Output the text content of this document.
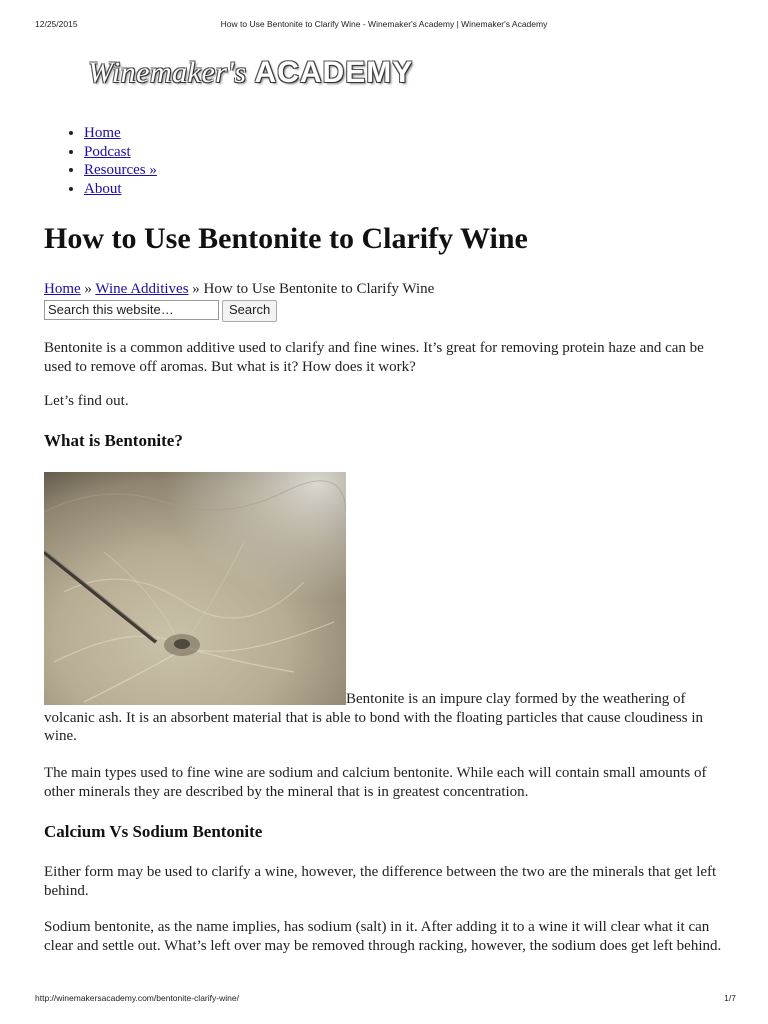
12/25/2015	How to Use Bentonite to Clarify Wine - Winemaker's Academy | Winemaker's Academy
Winemaker's ACADEMY
• Home
• Podcast
• Resources »
• About
How to Use Bentonite to Clarify Wine
Home » Wine Additives » How to Use Bentonite to Clarify Wine
Search this website…	Search

Bentonite is a common additive used to clarify and fine wines. It’s great for removing protein haze and can be used to remove off aromas. But what is it? How does it work?

Let’s find out.

What is Bentonite?

Bentonite is an impure clay formed by the weathering of volcanic ash. It is an absorbent material that is able to bond with the floating particles that cause cloudiness in wine.

The main types used to fine wine are sodium and calcium bentonite. While each will contain small amounts of other minerals they are described by the mineral that is in greatest concentration.

Calcium Vs Sodium Bentonite

Either form may be used to clarify a wine, however, the difference between the two are the minerals that get left behind.

Sodium bentonite, as the name implies, has sodium (salt) in it. After adding it to a wine it will clear what it can clear and settle out. What’s left over may be removed through racking, however, the sodium does get left behind.

http://winemakersacademy.com/bentonite-clarify-wine/	1/7
